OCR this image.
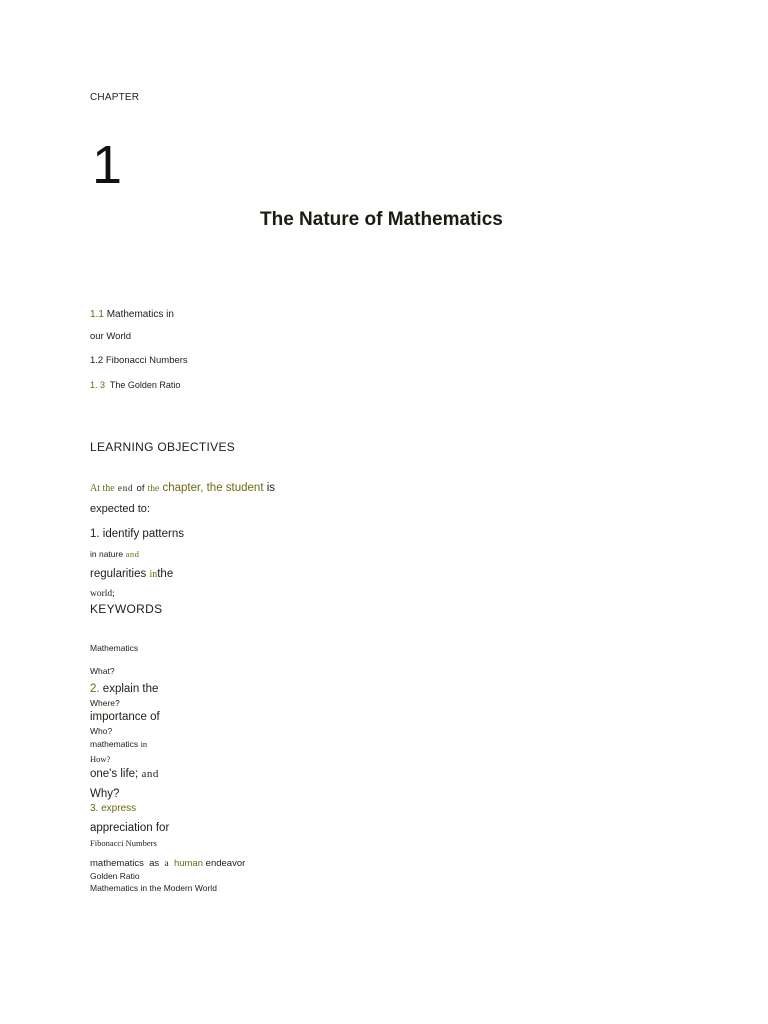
CHAPTER
1
The Nature of Mathematics
1.1 Mathematics in
our World
1.2 Fibonacci Numbers
1. 3 The Golden Ratio
LEARNING OBJECTIVES
At the end of the chapter, the student is
expected to:
1. identify patterns
in nature and
regularities inthe
world;
KEYWORDS
Mathematics
What?
2. explain the
Where?
importance of
Who?
mathematics in
How?
one's life; and
Why?
3. express
appreciation for
Fibonacci Numbers
mathematics as a human endeavor
Golden Ratio
Mathematics in the Modern World
